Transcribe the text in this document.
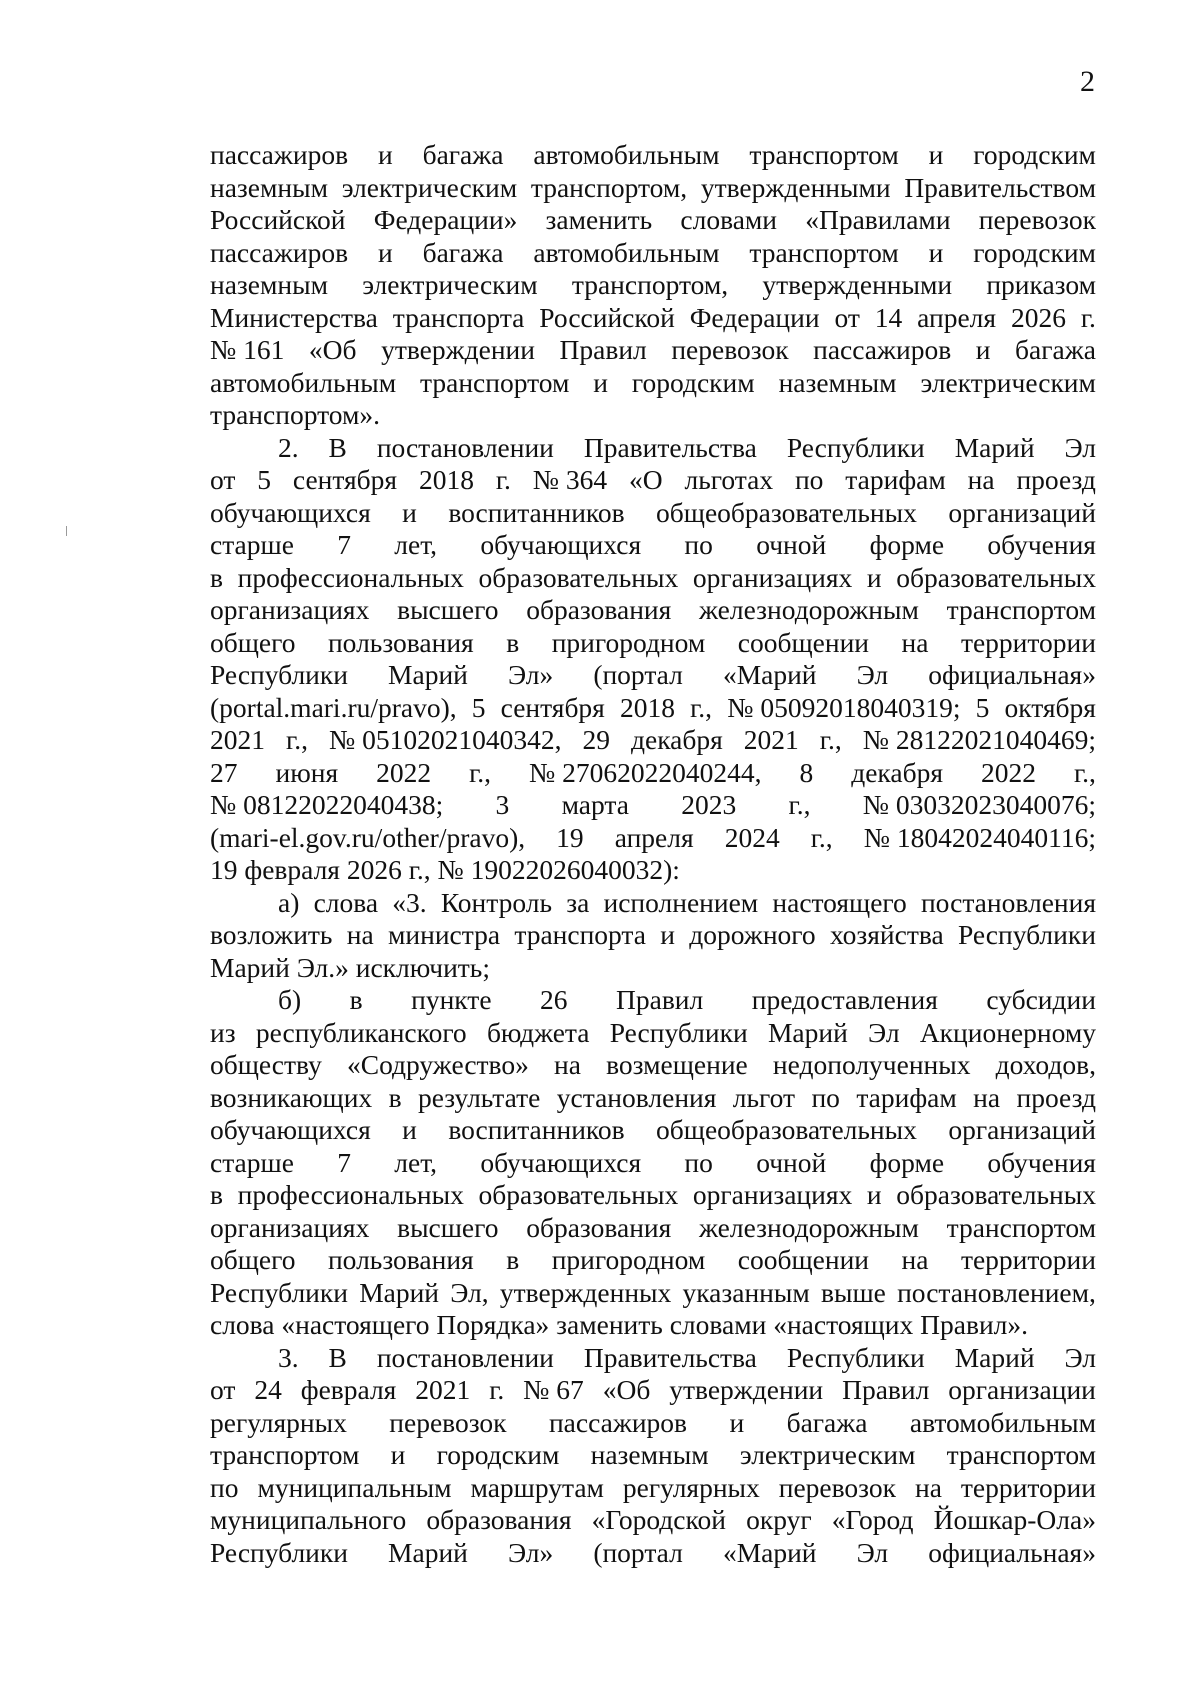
2
пассажиров и багажа автомобильным транспортом и городским
наземным электрическим транспортом, утвержденными Правительством
Российской Федерации» заменить словами «Правилами перевозок
пассажиров и багажа автомобильным транспортом и городским
наземным электрическим транспортом, утвержденными приказом
Министерства транспорта Российской Федерации от 14 апреля 2026 г.
№ 161 «Об утверждении Правил перевозок пассажиров и багажа
автомобильным транспортом и городским наземным электрическим
транспортом».
2. В постановлении Правительства Республики Марий Эл
от 5 сентября 2018 г. № 364 «О льготах по тарифам на проезд
обучающихся и воспитанников общеобразовательных организаций
старше 7 лет, обучающихся по очной форме обучения
в профессиональных образовательных организациях и образовательных
организациях высшего образования железнодорожным транспортом
общего пользования в пригородном сообщении на территории
Республики Марий Эл» (портал «Марий Эл официальная»
(portal.mari.ru/pravo), 5 сентября 2018 г., № 05092018040319; 5 октября
2021 г., № 05102021040342, 29 декабря 2021 г., № 28122021040469;
27 июня 2022 г., № 27062022040244, 8 декабря 2022 г.,
№ 08122022040438; 3 марта 2023 г., № 03032023040076;
(mari-el.gov.ru/other/pravo), 19 апреля 2024 г., № 18042024040116;
19 февраля 2026 г., № 19022026040032):
а) слова «3. Контроль за исполнением настоящего постановления
возложить на министра транспорта и дорожного хозяйства Республики
Марий Эл.» исключить;
б) в пункте 26 Правил предоставления субсидии
из республиканского бюджета Республики Марий Эл Акционерному
обществу «Содружество» на возмещение недополученных доходов,
возникающих в результате установления льгот по тарифам на проезд
обучающихся и воспитанников общеобразовательных организаций
старше 7 лет, обучающихся по очной форме обучения
в профессиональных образовательных организациях и образовательных
организациях высшего образования железнодорожным транспортом
общего пользования в пригородном сообщении на территории
Республики Марий Эл, утвержденных указанным выше постановлением,
слова «настоящего Порядка» заменить словами «настоящих Правил».
3. В постановлении Правительства Республики Марий Эл
от 24 февраля 2021 г. № 67 «Об утверждении Правил организации
регулярных перевозок пассажиров и багажа автомобильным
транспортом и городским наземным электрическим транспортом
по муниципальным маршрутам регулярных перевозок на территории
муниципального образования «Городской округ «Город Йошкар-Ола»
Республики Марий Эл» (портал «Марий Эл официальная»
